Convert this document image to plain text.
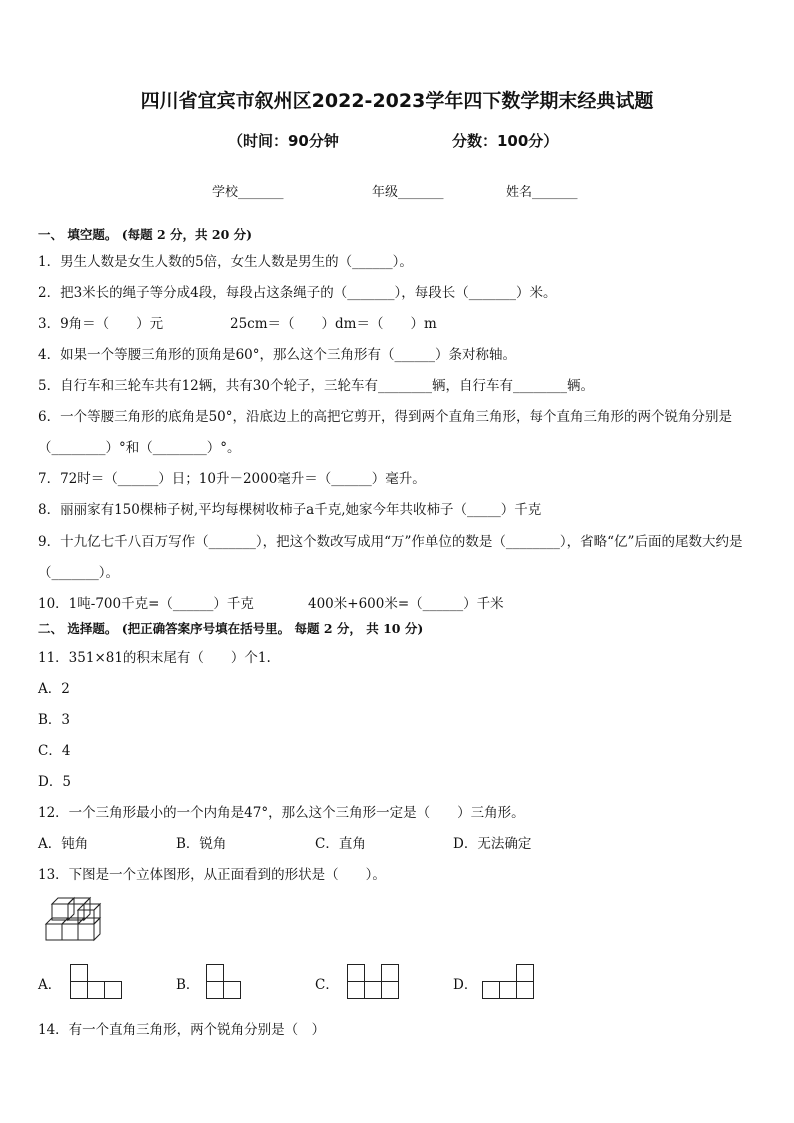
四川省宜宾市叙州区2022-2023学年四下数学期末经典试题
（时间：90分钟	分数：100分）
学校_______	年级_______	姓名_______
一、 填空题。 (每题 2 分，共 20 分)
1．男生人数是女生人数的5倍，女生人数是男生的（______）。
2．把3米长的绳子等分成4段，每段占这条绳子的（_______），每段长（_______）米。
3．9角＝（　　）元	25cm＝（　　）dm＝（　　）m
4．如果一个等腰三角形的顶角是60°，那么这个三角形有（______）条对称轴。
5．自行车和三轮车共有12辆，共有30个轮子，三轮车有________辆，自行车有________辆。
6．一个等腰三角形的底角是50°，沿底边上的高把它剪开，得到两个直角三角形，每个直角三角形的两个锐角分别是
（________）°和（________）°。
7．72时＝（______）日；10升－2000毫升＝（______）毫升。
8．丽丽家有150棵柿子树,平均每棵树收柿子a千克,她家今年共收柿子（_____）千克
9．十九亿七千八百万写作（_______），把这个数改写成用“万”作单位的数是（________），省略“亿”后面的尾数大约是
（_______）。
10．1吨-700千克=（______）千克	400米+600米=（______）千米
二、 选择题。 (把正确答案序号填在括号里。 每题 2 分， 共 10 分)
11．351×81的积末尾有（　　）个1.
A．2
B．3
C．4
D．5
12．一个三角形最小的一个内角是47°，那么这个三角形一定是（　　）三角形。
A．钝角	B．锐角	C．直角	D．无法确定
13．下图是一个立体图形，从正面看到的形状是（　　）。
A．	B．	C．	D．
14．有一个直角三角形，两个锐角分别是（　）
